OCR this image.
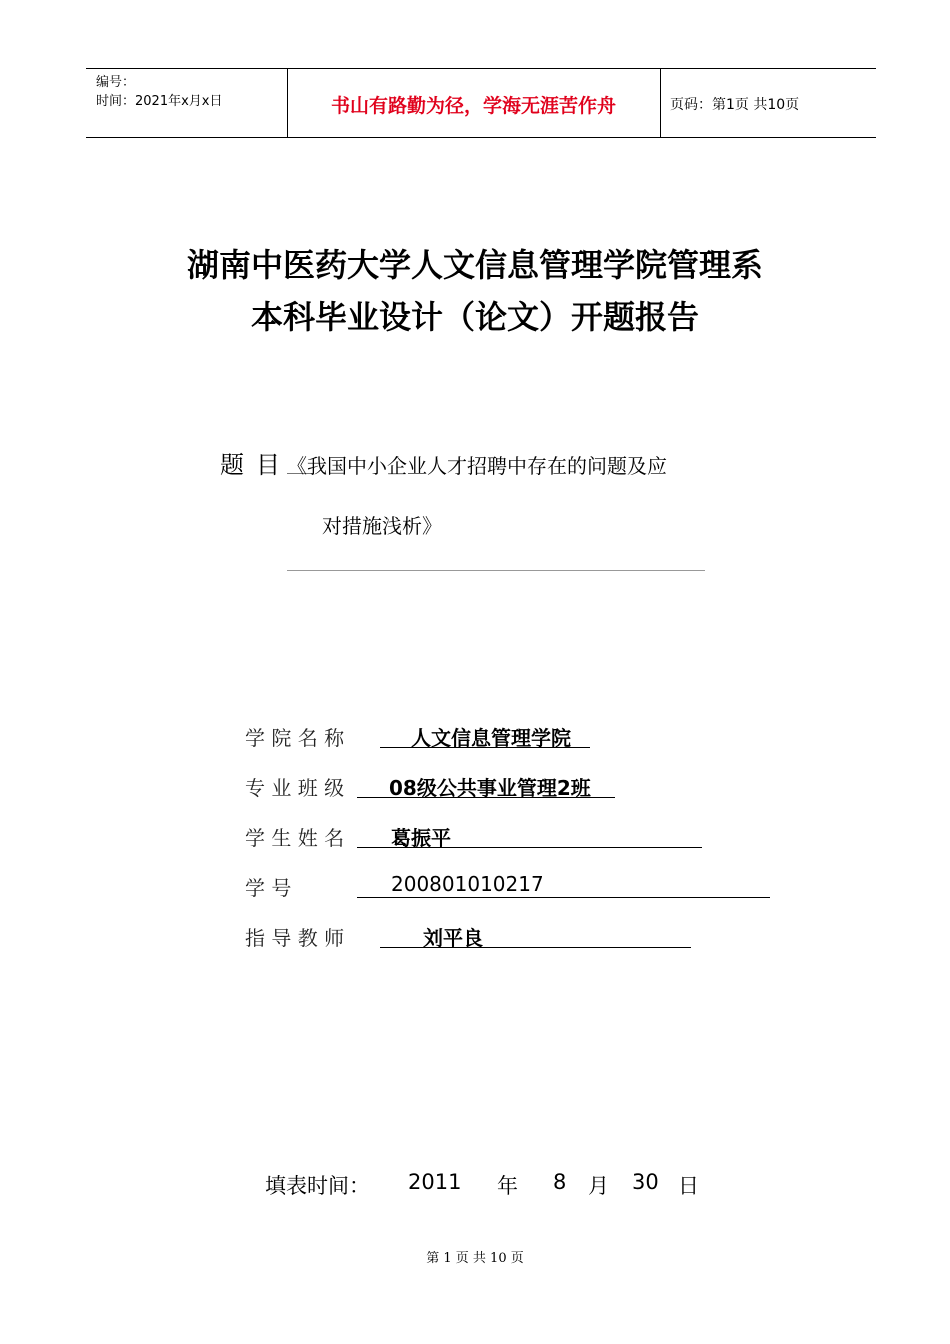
编号：
时间：2021年x月x日	书山有路勤为径，学海无涯苦作舟	页码：第1页 共10页
湖南中医药大学人文信息管理学院管理系
本科毕业设计（论文）开题报告
题目
《我国中小企业人才招聘中存在的问题及应
对措施浅析》
学 院 名 称	人文信息管理学院
专 业 班 级 08级公共事业管理2班
学 生 姓 名 葛振平
学 号	200801010217
指 导 教 师	刘平良
填表时间： 2011 年 8 月 30 日
第 1 页 共 10 页
